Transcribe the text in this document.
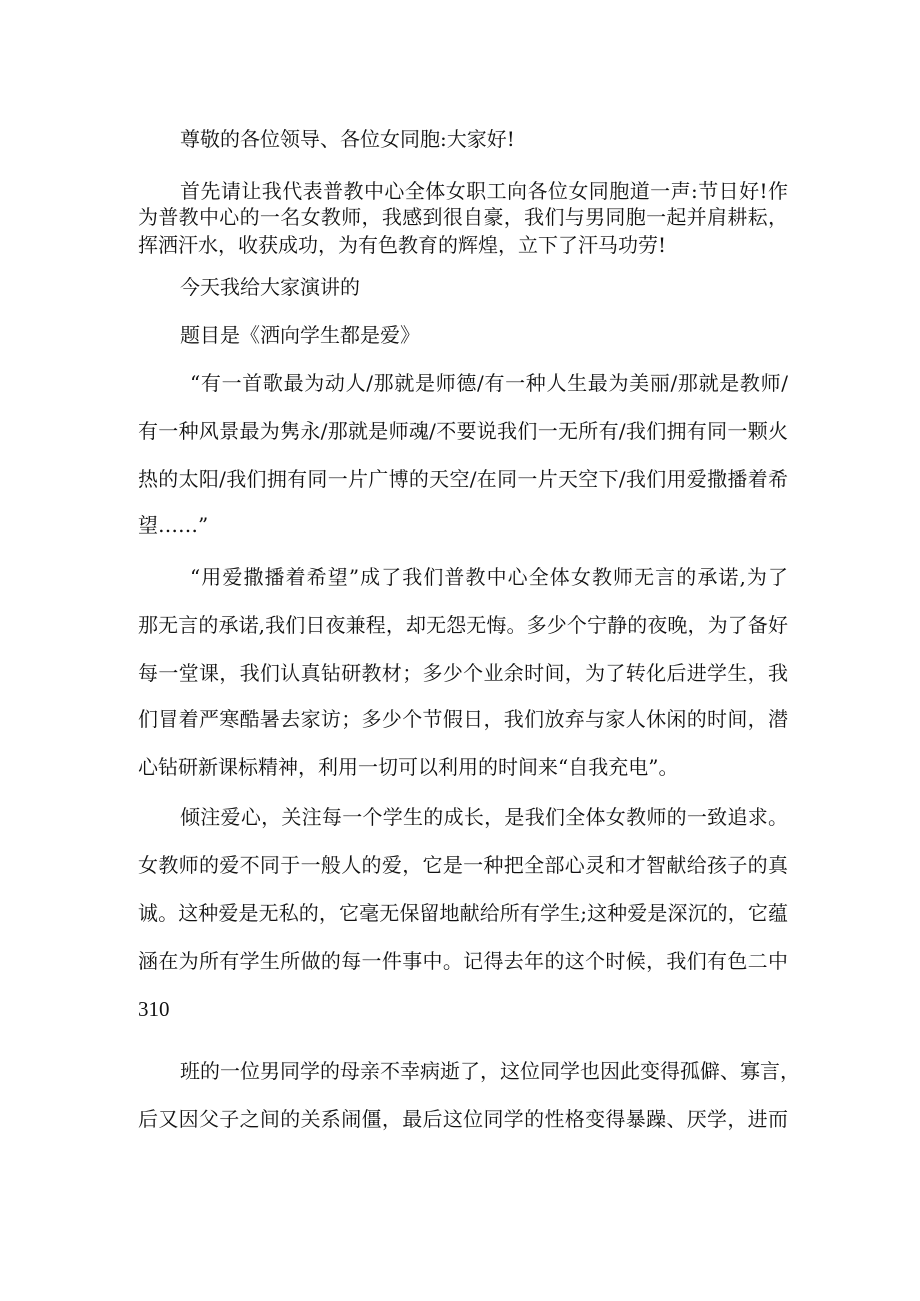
尊敬的各位领导、各位女同胞:大家好!
首先请让我代表普教中心全体女职工向各位女同胞道一声:节日好!作
为普教中心的一名女教师，我感到很自豪，我们与男同胞一起并肩耕耘，
挥洒汗水，收获成功，为有色教育的辉煌，立下了汗马功劳!
今天我给大家演讲的
题目是《洒向学生都是爱》
“有一首歌最为动人/那就是师德/有一种人生最为美丽/那就是教师/
有一种风景最为隽永/那就是师魂/不要说我们一无所有/我们拥有同一颗火
热的太阳/我们拥有同一片广博的天空/在同一片天空下/我们用爱撒播着希
望……”
“用爱撒播着希望”成了我们普教中心全体女教师无言的承诺,为了
那无言的承诺,我们日夜兼程，却无怨无悔。多少个宁静的夜晚，为了备好
每一堂课，我们认真钻研教材；多少个业余时间，为了转化后进学生，我
们冒着严寒酷暑去家访；多少个节假日，我们放弃与家人休闲的时间，潜
心钻研新课标精神，利用一切可以利用的时间来“自我充电”。
倾注爱心，关注每一个学生的成长，是我们全体女教师的一致追求。
女教师的爱不同于一般人的爱，它是一种把全部心灵和才智献给孩子的真
诚。这种爱是无私的，它毫无保留地献给所有学生;这种爱是深沉的，它蕴
涵在为所有学生所做的每一件事中。记得去年的这个时候，我们有色二中
310
班的一位男同学的母亲不幸病逝了，这位同学也因此变得孤僻、寡言，
后又因父子之间的关系闹僵，最后这位同学的性格变得暴躁、厌学，进而
